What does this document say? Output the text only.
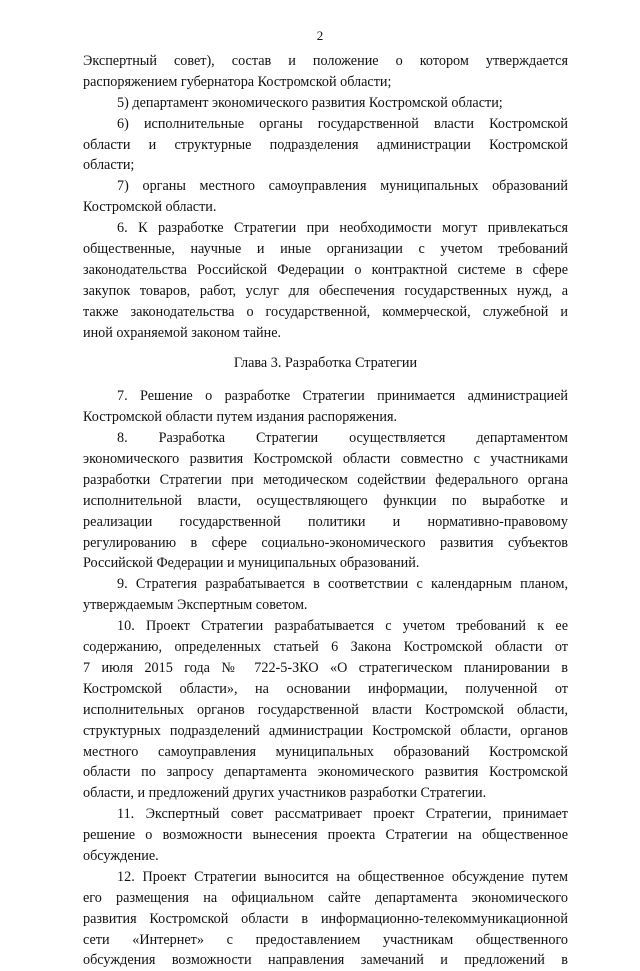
2
Экспертный совет), состав и положение о котором утверждается
распоряжением губернатора Костромской области;
5) департамент экономического развития Костромской области;
6) исполнительные органы государственной власти Костромской
области и структурные подразделения администрации Костромской
области;
7) органы местного самоуправления муниципальных образований
Костромской области.
6. К разработке Стратегии при необходимости могут привлекаться
общественные, научные и иные организации с учетом требований
законодательства Российской Федерации о контрактной системе в сфере
закупок товаров, работ, услуг для обеспечения государственных нужд, а
также законодательства о государственной, коммерческой, служебной и
иной охраняемой законом тайне.
Глава 3. Разработка Стратегии
7. Решение о разработке Стратегии принимается администрацией
Костромской области путем издания распоряжения.
8. Разработка Стратегии осуществляется департаментом
экономического развития Костромской области совместно с участниками
разработки Стратегии при методическом содействии федерального органа
исполнительной власти, осуществляющего функции по выработке и
реализации государственной политики и нормативно-правовому
регулированию в сфере социально-экономического развития субъектов
Российской Федерации и муниципальных образований.
9. Стратегия разрабатывается в соответствии с календарным планом,
утверждаемым Экспертным советом.
10. Проект Стратегии разрабатывается с учетом требований к ее
содержанию, определенных статьей 6 Закона Костромской области от
7 июля 2015 года № 722-5-ЗКО «О стратегическом планировании в
Костромской области», на основании информации, полученной от
исполнительных органов государственной власти Костромской области,
структурных подразделений администрации Костромской области, органов
местного самоуправления муниципальных образований Костромской
области по запросу департамента экономического развития Костромской
области, и предложений других участников разработки Стратегии.
11. Экспертный совет рассматривает проект Стратегии, принимает
решение о возможности вынесения проекта Стратегии на общественное
обсуждение.
12. Проект Стратегии выносится на общественное обсуждение путем
его размещения на официальном сайте департамента экономического
развития Костромской области в информационно-телекоммуникационной
сети «Интернет» с предоставлением участникам общественного
обсуждения возможности направления замечаний и предложений в
